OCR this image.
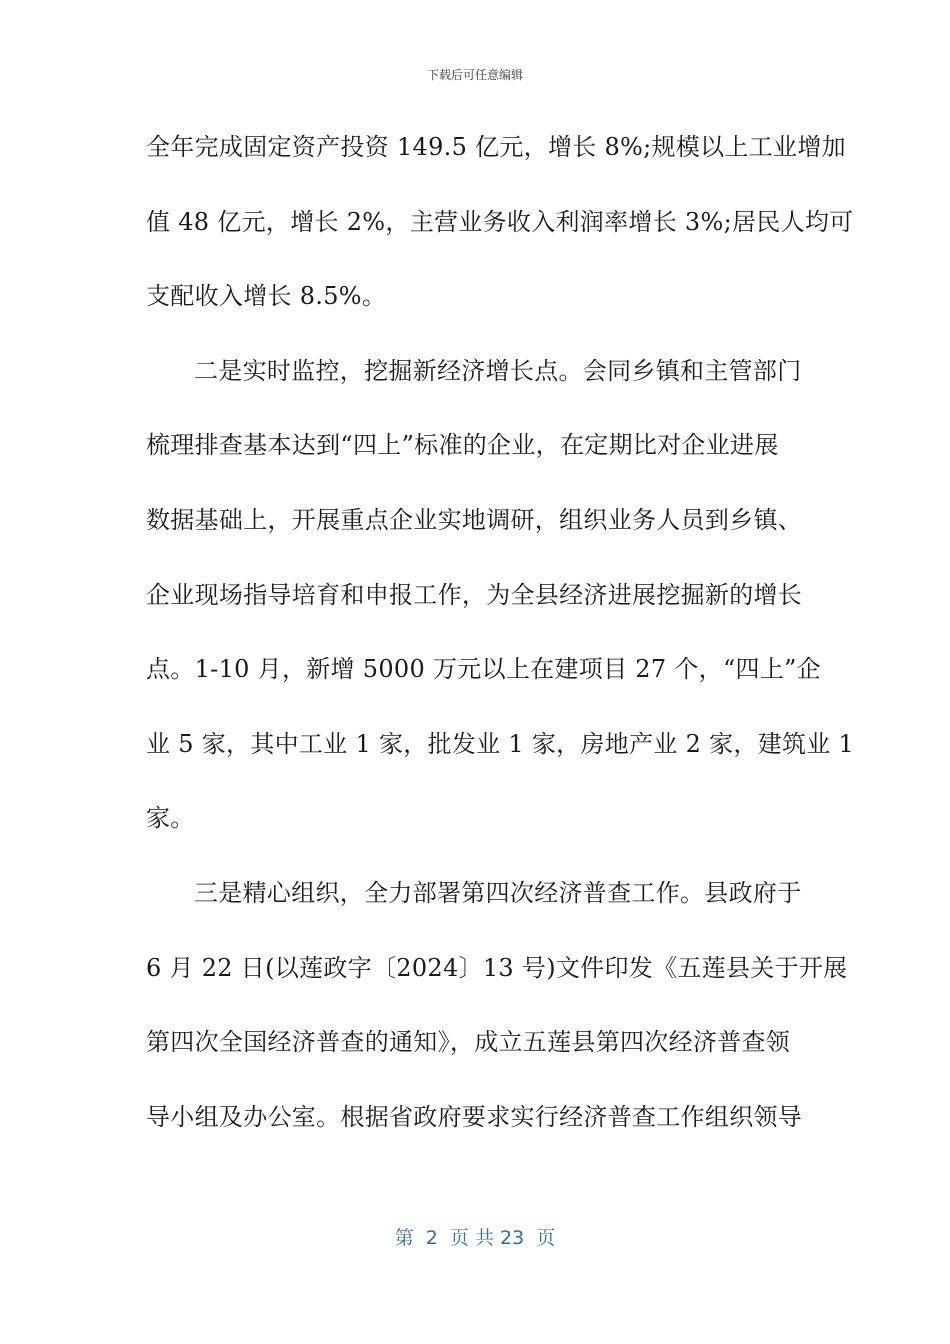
下载后可任意编辑
全年完成固定资产投资 149.5 亿元，增长 8%;规模以上工业增加
值 48 亿元，增长 2%，主营业务收入利润率增长 3%;居民人均可
支配收入增长 8.5%。
二是实时监控，挖掘新经济增长点。会同乡镇和主管部门
梳理排查基本达到“四上”标准的企业，在定期比对企业进展
数据基础上，开展重点企业实地调研，组织业务人员到乡镇、
企业现场指导培育和申报工作，为全县经济进展挖掘新的增长
点。1-10 月，新增 5000 万元以上在建项目 27 个，“四上”企
业 5 家，其中工业 1 家，批发业 1 家，房地产业 2 家，建筑业 1
家。
三是精心组织，全力部署第四次经济普查工作。县政府于
6 月 22 日(以莲政字〔2024〕13 号)文件印发《五莲县关于开展
第四次全国经济普查的通知》，成立五莲县第四次经济普查领
导小组及办公室。根据省政府要求实行经济普查工作组织领导
第  2  页 共 23  页
